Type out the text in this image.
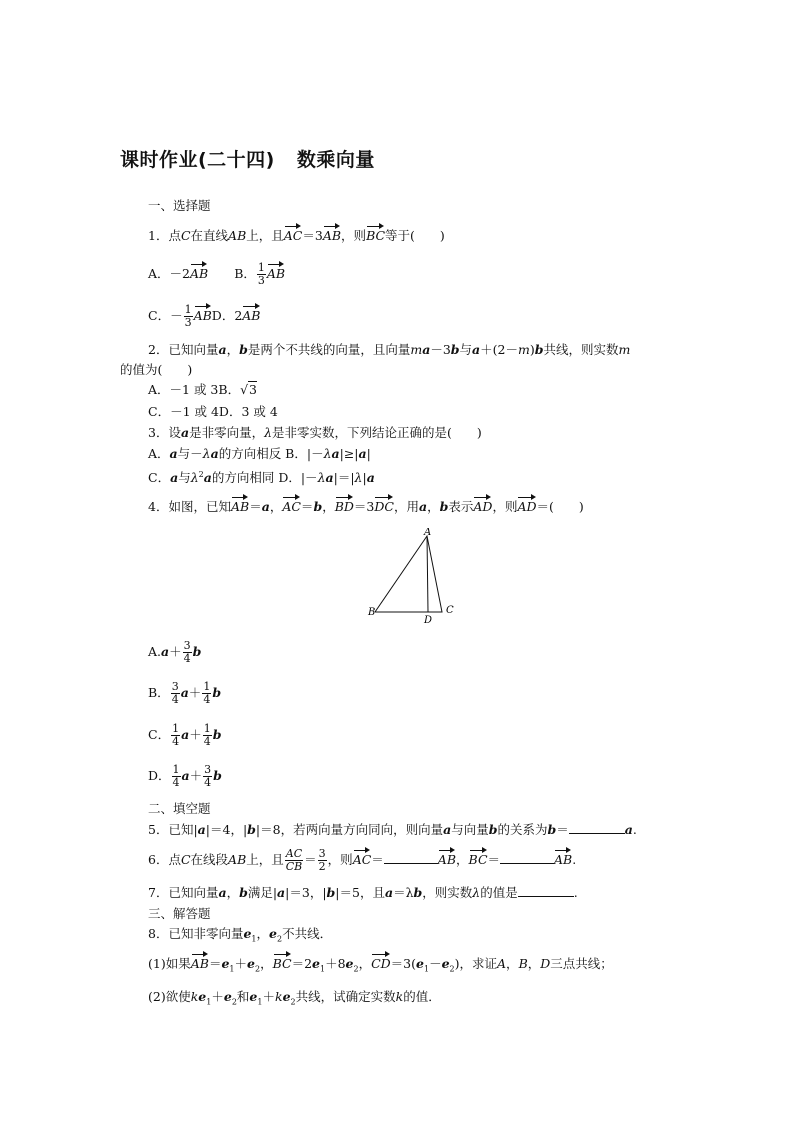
课时作业(二十四) 数乘向量
一、选择题
1．点C在直线AB上，且AC＝3AB，则BC等于(　　)
A．－2AB B． $\frac{1}{3}$ AB
C．－ $\frac{1}{3}$ ABD．2AB
2．已知向量a，b是两个不共线的向量，且向量ma－3b与a＋(2－m)b共线，则实数m
的值为(　　)
A．－1 或 3B．√3
C．－1 或 4D．3 或 4
3．设a是非零向量，λ是非零实数，下列结论正确的是(　　)
A．a与－λa的方向相反 B．|－λa|≥|a|
C．a与$\lambda^2a$的方向相同 D．|－λa|＝|λ|a
4．如图，已知AB＝a，AC＝b，BD＝3DC，用a，b表示AD，则AD＝(　　)
A
B	C
D
$A.a+ \frac{3}{4}$ b
B． $\frac{3}{4} a+ \frac{1}{4}$ b
C． $\frac{1}{4} a+ \frac{1}{4}$ b
D． $\frac{1}{4} a+ \frac{3}{4}$ b
二、填空题
5．已知|a|＝4，|b|＝8，若两向量方向同向，则向量a与向量b的关系为b＝	a.
6．点C在线段AB上，且 $\frac{AC}{CB} = \frac{3}{2}$ ，则AC＝	AB，BC＝	AB.
7．已知向量a，b满足|a|＝3，|b|＝5，且a＝λb，则实数λ的值是	.
三、解答题
8．已知非零向量$e_1$，$e_2$不共线．
(1)如果$AB=e_1+e_2$，$BC=2e_1+8e_2$，$CD=3(e_1-e_2)$，求证A，B，D三点共线；
(2)欲使$ke_1+e_2$和$e_1+ke_2$共线，试确定实数k的值．
